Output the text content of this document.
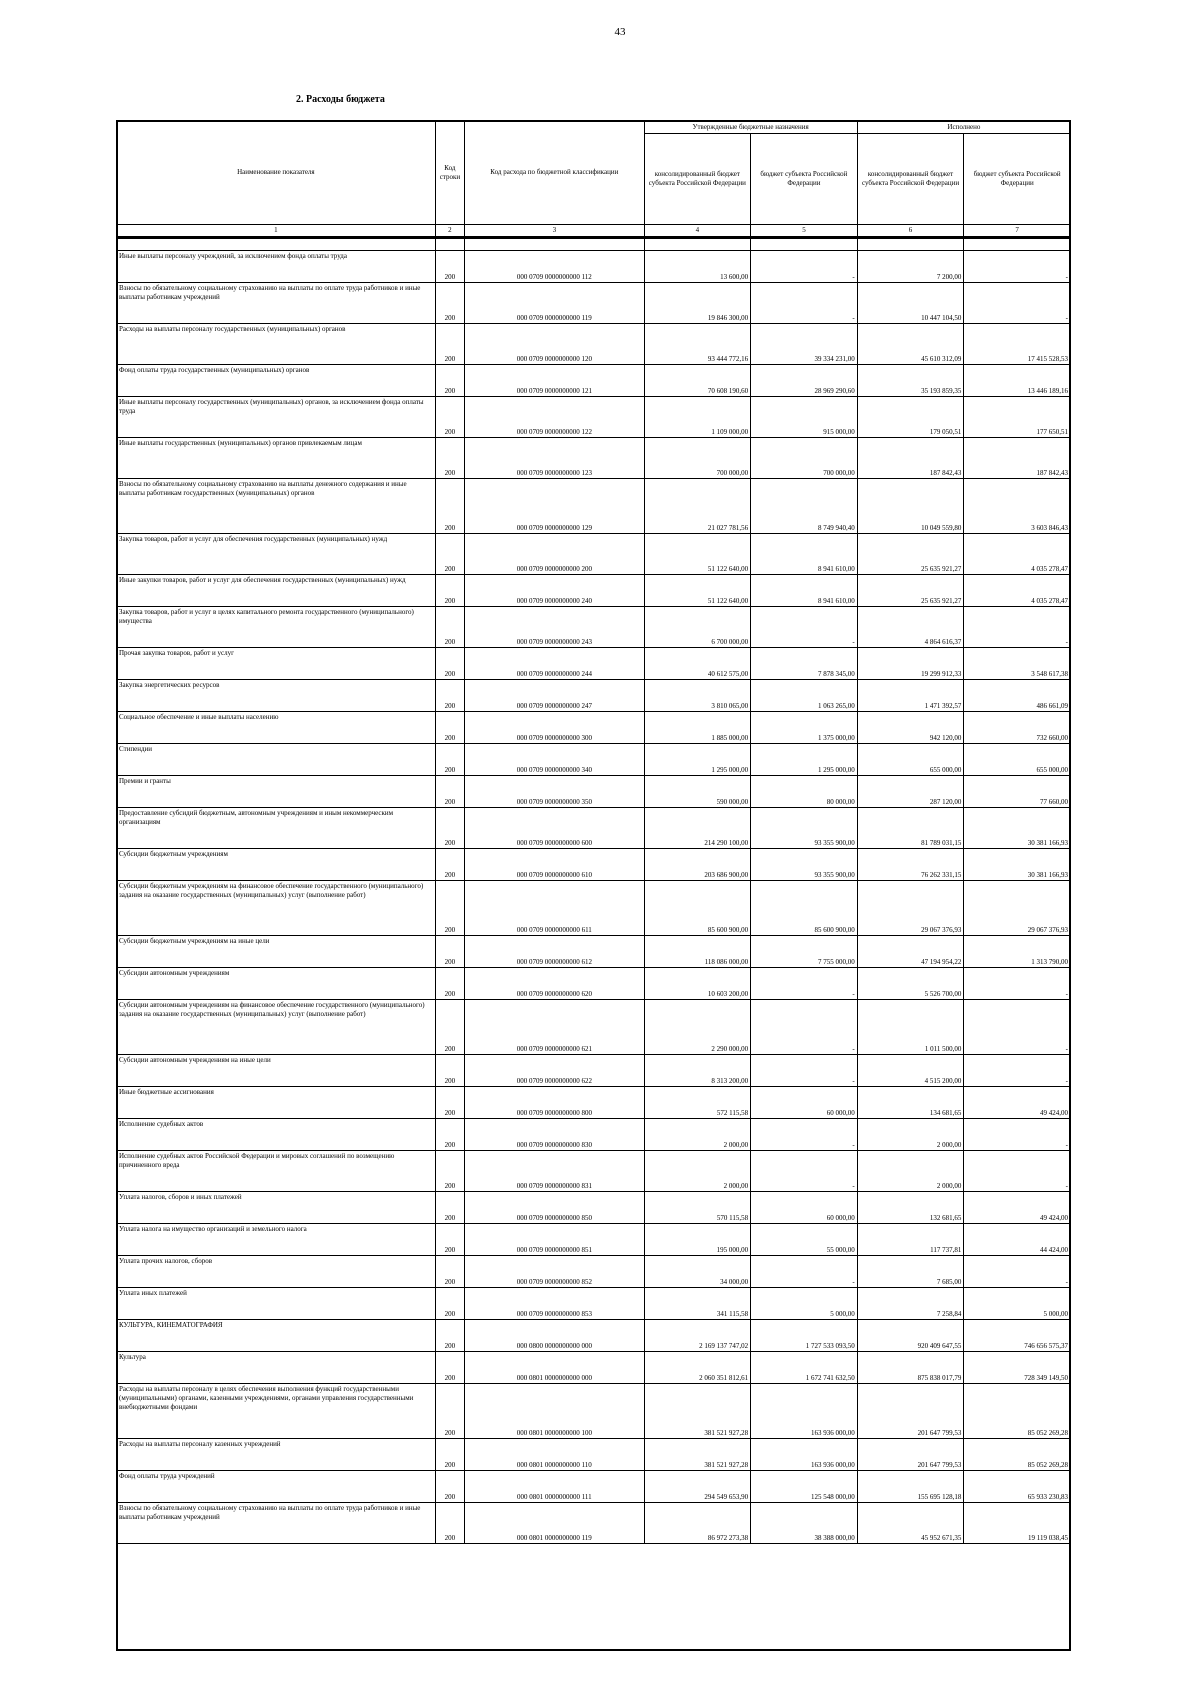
43
2. Расходы бюджета
Наименование показателя	Код строки	Код расхода по бюджетной классификации	Утвержденные бюджетные назначения		Исполнено	
			консолидированный бюджет субъекта Российской Федерации	бюджет субъекта Российской Федерации	консолидированный бюджет субъекта Российской Федерации	бюджет субъекта Российской Федерации
1	2	3	4	5	6	7

Иные выплаты персоналу учреждений, за исключением фонда оплаты труда	200	000 0709 0000000000 112	13 600,00	-	7 200,00	-
Взносы по обязательному социальному страхованию на выплаты по оплате труда работников и иные выплаты работникам учреждений	200	000 0709 0000000000 119	19 846 300,00	-	10 447 104,50	-
Расходы на выплаты персоналу государственных (муниципальных) органов	200	000 0709 0000000000 120	93 444 772,16	39 334 231,00	45 610 312,09	17 415 528,53
Фонд оплаты труда государственных (муниципальных) органов	200	000 0709 0000000000 121	70 608 190,60	28 969 290,60	35 193 859,35	13 446 189,16
Иные выплаты персоналу государственных (муниципальных) органов, за исключением фонда оплаты труда	200	000 0709 0000000000 122	1 109 000,00	915 000,00	179 050,51	177 650,51
Иные выплаты государственных (муниципальных) органов привлекаемым лицам	200	000 0709 0000000000 123	700 000,00	700 000,00	187 842,43	187 842,43
Взносы по обязательному социальному страхованию на выплаты денежного содержания и иные выплаты работникам государственных (муниципальных) органов	200	000 0709 0000000000 129	21 027 781,56	8 749 940,40	10 049 559,80	3 603 846,43
Закупка товаров, работ и услуг для обеспечения государственных (муниципальных) нужд	200	000 0709 0000000000 200	51 122 640,00	8 941 610,00	25 635 921,27	4 035 278,47
Иные закупки товаров, работ и услуг для обеспечения государственных (муниципальных) нужд	200	000 0709 0000000000 240	51 122 640,00	8 941 610,00	25 635 921,27	4 035 278,47
Закупка товаров, работ и услуг в целях капитального ремонта государственного (муниципального) имущества	200	000 0709 0000000000 243	6 700 000,00	-	4 864 616,37	-
Прочая закупка товаров, работ и услуг	200	000 0709 0000000000 244	40 612 575,00	7 878 345,00	19 299 912,33	3 548 617,38
Закупка энергетических ресурсов	200	000 0709 0000000000 247	3 810 065,00	1 063 265,00	1 471 392,57	486 661,09
Социальное обеспечение и иные выплаты населению	200	000 0709 0000000000 300	1 885 000,00	1 375 000,00	942 120,00	732 660,00
Стипендии	200	000 0709 0000000000 340	1 295 000,00	1 295 000,00	655 000,00	655 000,00
Премии и гранты	200	000 0709 0000000000 350	590 000,00	80 000,00	287 120,00	77 660,00
Предоставление субсидий бюджетным, автономным учреждениям и иным некоммерческим организациям	200	000 0709 0000000000 600	214 290 100,00	93 355 900,00	81 789 031,15	30 381 166,93
Субсидии бюджетным учреждениям	200	000 0709 0000000000 610	203 686 900,00	93 355 900,00	76 262 331,15	30 381 166,93
Субсидии бюджетным учреждениям на финансовое обеспечение государственного (муниципального) задания на оказание государственных (муниципальных) услуг (выполнение работ)	200	000 0709 0000000000 611	85 600 900,00	85 600 900,00	29 067 376,93	29 067 376,93
Субсидии бюджетным учреждениям на иные цели	200	000 0709 0000000000 612	118 086 000,00	7 755 000,00	47 194 954,22	1 313 790,00
Субсидии автономным учреждениям	200	000 0709 0000000000 620	10 603 200,00	-	5 526 700,00	-
Субсидии автономным учреждениям на финансовое обеспечение государственного (муниципального) задания на оказание государственных (муниципальных) услуг (выполнение работ)	200	000 0709 0000000000 621	2 290 000,00	-	1 011 500,00	-
Субсидии автономным учреждениям на иные цели	200	000 0709 0000000000 622	8 313 200,00	-	4 515 200,00	-
Иные бюджетные ассигнования	200	000 0709 0000000000 800	572 115,58	60 000,00	134 681,65	49 424,00
Исполнение судебных актов	200	000 0709 0000000000 830	2 000,00	-	2 000,00	-
Исполнение судебных актов Российской Федерации и мировых соглашений по возмещению причиненного вреда	200	000 0709 0000000000 831	2 000,00	-	2 000,00	-
Уплата налогов, сборов и иных платежей	200	000 0709 0000000000 850	570 115,58	60 000,00	132 681,65	49 424,00
Уплата налога на имущество организаций и земельного налога	200	000 0709 0000000000 851	195 000,00	55 000,00	117 737,81	44 424,00
Уплата прочих налогов, сборов	200	000 0709 0000000000 852	34 000,00	-	7 685,00	-
Уплата иных платежей	200	000 0709 0000000000 853	341 115,58	5 000,00	7 258,84	5 000,00
КУЛЬТУРА, КИНЕМАТОГРАФИЯ	200	000 0800 0000000000 000	2 169 137 747,02	1 727 533 093,50	920 409 647,55	746 656 575,37
Культура	200	000 0801 0000000000 000	2 060 351 812,61	1 672 741 632,50	875 838 017,79	728 349 149,50
Расходы на выплаты персоналу в целях обеспечения выполнения функций государственными (муниципальными) органами, казенными учреждениями, органами управления государственными внебюджетными фондами	200	000 0801 0000000000 100	381 521 927,28	163 936 000,00	201 647 799,53	85 052 269,28
Расходы на выплаты персоналу казенных учреждений	200	000 0801 0000000000 110	381 521 927,28	163 936 000,00	201 647 799,53	85 052 269,28
Фонд оплаты труда учреждений	200	000 0801 0000000000 111	294 549 653,90	125 548 000,00	155 695 128,18	65 933 230,83
Взносы по обязательному социальному страхованию на выплаты по оплате труда работников и иные выплаты работникам учреждений	200	000 0801 0000000000 119	86 972 273,38	38 388 000,00	45 952 671,35	19 119 038,45
